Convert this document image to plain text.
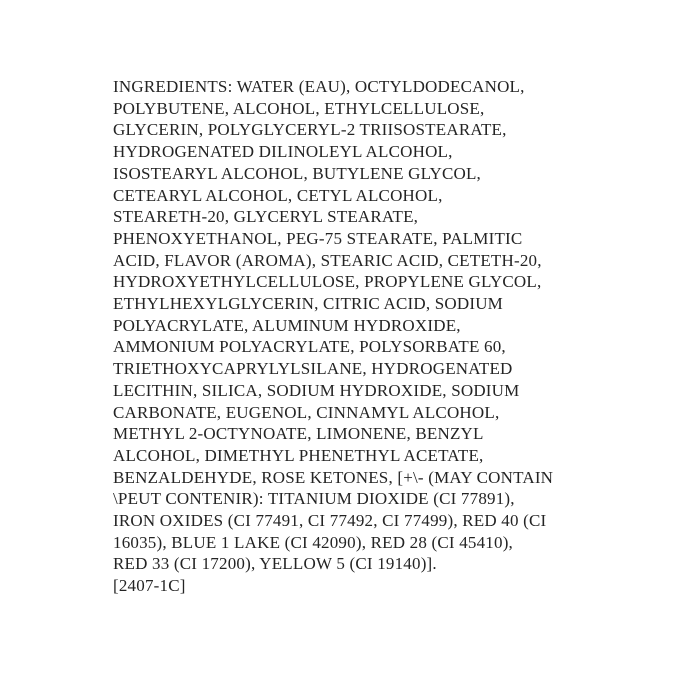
INGREDIENTS: WATER (EAU), OCTYLDODECANOL,
POLYBUTENE, ALCOHOL, ETHYLCELLULOSE,
GLYCERIN, POLYGLYCERYL-2 TRIISOSTEARATE,
HYDROGENATED DILINOLEYL ALCOHOL,
ISOSTEARYL ALCOHOL, BUTYLENE GLYCOL,
CETEARYL ALCOHOL, CETYL ALCOHOL,
STEARETH-20, GLYCERYL STEARATE,
PHENOXYETHANOL, PEG-75 STEARATE, PALMITIC
ACID, FLAVOR (AROMA), STEARIC ACID, CETETH-20,
HYDROXYETHYLCELLULOSE, PROPYLENE GLYCOL,
ETHYLHEXYLGLYCERIN, CITRIC ACID, SODIUM
POLYACRYLATE, ALUMINUM HYDROXIDE,
AMMONIUM POLYACRYLATE, POLYSORBATE 60,
TRIETHOXYCAPRYLYLSILANE, HYDROGENATED
LECITHIN, SILICA, SODIUM HYDROXIDE, SODIUM
CARBONATE, EUGENOL, CINNAMYL ALCOHOL,
METHYL 2-OCTYNOATE, LIMONENE, BENZYL
ALCOHOL, DIMETHYL PHENETHYL ACETATE,
BENZALDEHYDE, ROSE KETONES, [+\- (MAY CONTAIN
\PEUT CONTENIR): TITANIUM DIOXIDE (CI 77891),
IRON OXIDES (CI 77491, CI 77492, CI 77499), RED 40 (CI
16035), BLUE 1 LAKE (CI 42090), RED 28 (CI 45410),
RED 33 (CI 17200), YELLOW 5 (CI 19140)].
[2407-1C]
